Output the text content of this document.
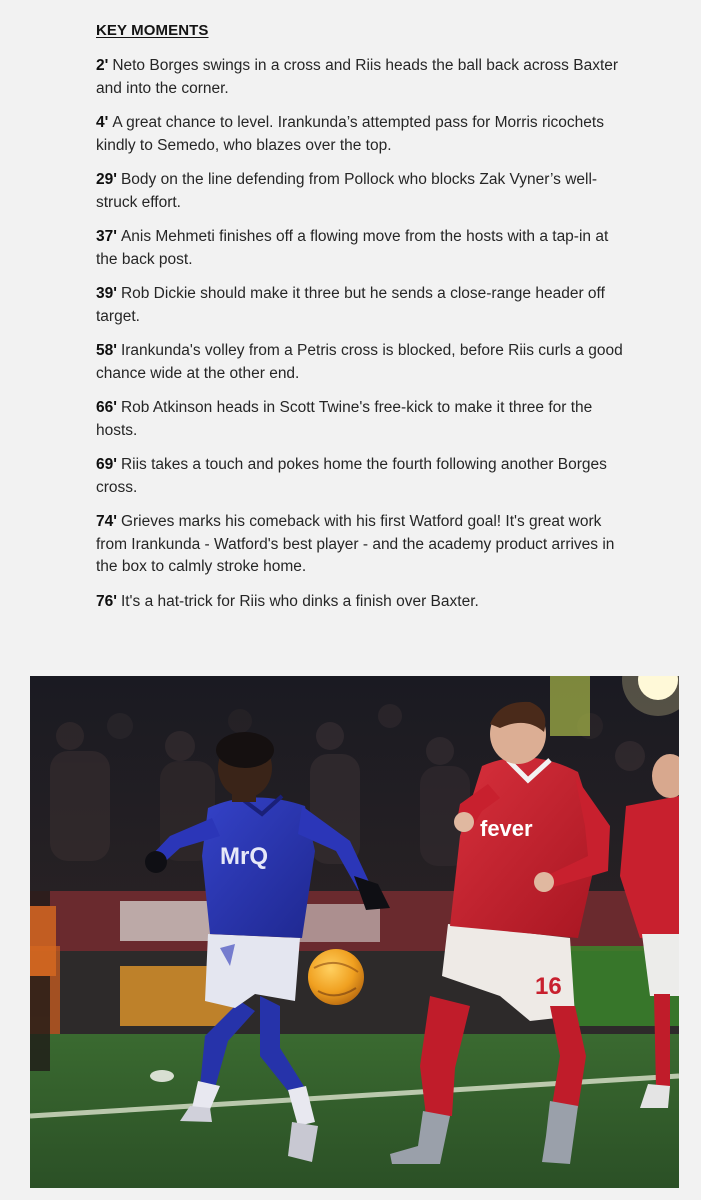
KEY MOMENTS

2' Neto Borges swings in a cross and Riis heads the ball back across Baxter and into the corner.

4' A great chance to level. Irankunda’s attempted pass for Morris ricochets kindly to Semedo, who blazes over the top.

29' Body on the line defending from Pollock who blocks Zak Vyner’s well-struck effort.

37' Anis Mehmeti finishes off a flowing move from the hosts with a tap-in at the back post.

39' Rob Dickie should make it three but he sends a close-range header off target.

58' Irankunda's volley from a Petris cross is blocked, before Riis curls a good chance wide at the other end.

66' Rob Atkinson heads in Scott Twine's free-kick to make it three for the hosts.

69' Riis takes a touch and pokes home the fourth following another Borges cross.

74' Grieves marks his comeback with his first Watford goal! It's great work from Irankunda - Watford's best player - and the academy product arrives in the box to calmly stroke home.

76' It's a hat-trick for Riis who dinks a finish over Baxter.

MrQ
16
fever
